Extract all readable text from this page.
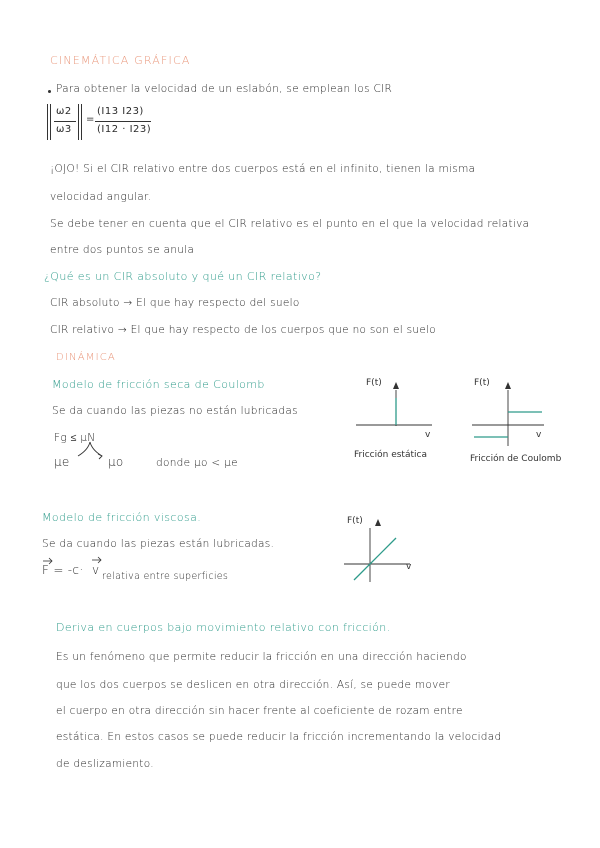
CINEMÁTICA GRÁFICA
Para obtener la velocidad de un eslabón, se emplean los CIR
ω2
ω3
=
(I13 I23)
(I12 · I23)
¡OJO! Si el CIR relativo entre dos cuerpos está en el infinito, tienen la misma
velocidad angular.
Se debe tener en cuenta que el CIR relativo es el punto en el que la velocidad relativa
entre dos puntos se anula
¿Qué es un CIR absoluto y qué un CIR relativo?
CIR absoluto → El que hay respecto del suelo
CIR relativo → El que hay respecto de los cuerpos que no son el suelo
DINÁMICA
Modelo de fricción seca de Coulomb
Se da cuando las piezas no están lubricadas
Fg ≤ μN
μe	μo	donde μo < μe
F(t)
v
Fricción estática
F(t)
v
Fricción de Coulomb
Modelo de fricción viscosa.
Se da cuando las piezas están lubricadas.
F = -c· v relativa entre superficies
F(t)
v
Deriva en cuerpos bajo movimiento relativo con fricción.
Es un fenómeno que permite reducir la fricción en una dirección haciendo
que los dos cuerpos se deslicen en otra dirección. Así, se puede mover
el cuerpo en otra dirección sin hacer frente al coeficiente de rozam entre
estática. En estos casos se puede reducir la fricción incrementando la velocidad
de deslizamiento.
